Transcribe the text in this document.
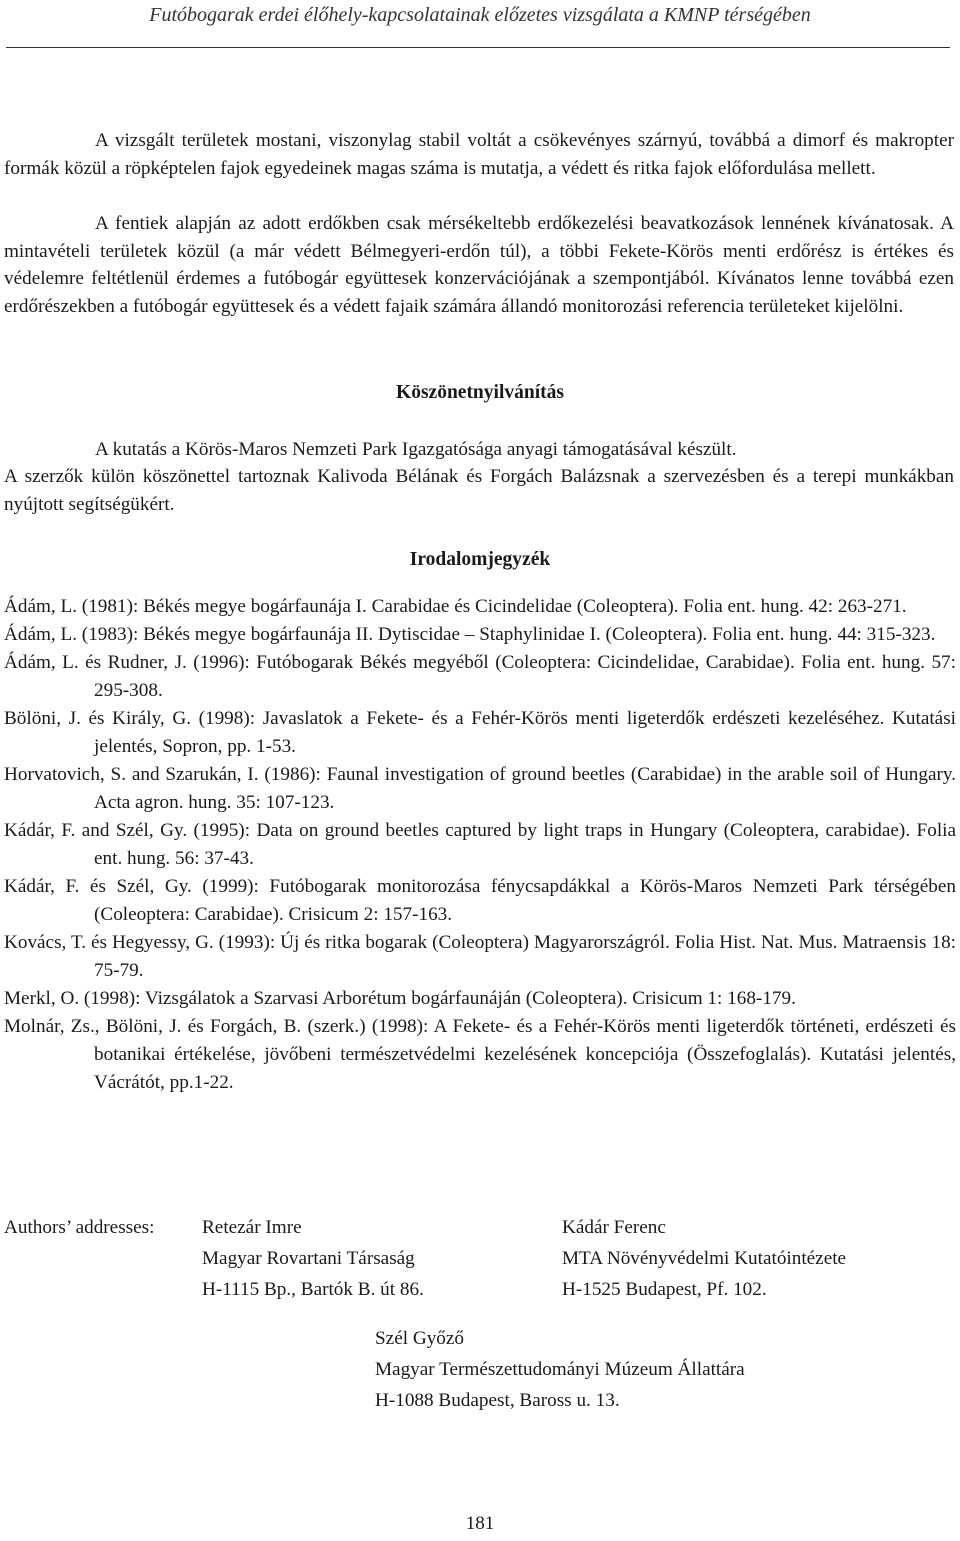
Futóbogarak erdei élőhely-kapcsolatainak előzetes vizsgálata a KMNP térségében

A vizsgált területek mostani, viszonylag stabil voltát a csökevényes szárnyú, továbbá a dimorf és makropter formák közül a röpképtelen fajok egyedeinek magas száma is mutatja, a védett és ritka fajok előfordulása mellett.

A fentiek alapján az adott erdőkben csak mérsékeltebb erdőkezelési beavatkozások lennének kívánatosak. A mintavételi területek közül (a már védett Bélmegyeri-erdőn túl), a többi Fekete-Körös menti erdőrész is értékes és védelemre feltétlenül érdemes a futóbogár együttesek konzervációjának a szempontjából. Kívánatos lenne továbbá ezen erdőrészekben a futóbogár együttesek és a védett fajaik számára állandó monitorozási referencia területeket kijelölni.

Köszönetnyilvánítás

A kutatás a Körös-Maros Nemzeti Park Igazgatósága anyagi támogatásával készült.

A szerzők külön köszönettel tartoznak Kalivoda Bélának és Forgách Balázsnak a szervezésben és a terepi munkákban nyújtott segítségükért.

Irodalomjegyzék
Ádám, L. (1981): Békés megye bogárfaunája I. Carabidae és Cicindelidae (Coleoptera). Folia ent. hung. 42: 263-271.
Ádám, L. (1983): Békés megye bogárfaunája II. Dytiscidae – Staphylinidae I. (Coleoptera). Folia ent. hung. 44: 315-323.
Ádám, L. és Rudner, J. (1996): Futóbogarak Békés megyéből (Coleoptera: Cicindelidae, Carabidae). Folia ent. hung. 57: 295-308.
Bölöni, J. és Király, G. (1998): Javaslatok a Fekete- és a Fehér-Körös menti ligeterdők erdészeti kezeléséhez. Kutatási jelentés, Sopron, pp. 1-53.
Horvatovich, S. and Szarukán, I. (1986): Faunal investigation of ground beetles (Carabidae) in the arable soil of Hungary. Acta agron. hung. 35: 107-123.
Kádár, F. and Szél, Gy. (1995): Data on ground beetles captured by light traps in Hungary (Coleoptera, carabidae). Folia ent. hung. 56: 37-43.
Kádár, F. és Szél, Gy. (1999): Futóbogarak monitorozása fénycsapdákkal a Körös-Maros Nemzeti Park térségében (Coleoptera: Carabidae). Crisicum 2: 157-163.
Kovács, T. és Hegyessy, G. (1993): Új és ritka bogarak (Coleoptera) Magyarországról. Folia Hist. Nat. Mus. Matraensis 18: 75-79.
Merkl, O. (1998): Vizsgálatok a Szarvasi Arborétum bogárfaunáján (Coleoptera). Crisicum 1: 168-179.
Molnár, Zs., Bölöni, J. és Forgách, B. (szerk.) (1998): A Fekete- és a Fehér-Körös menti ligeterdők történeti, erdészeti és botanikai értékelése, jövőbeni természetvédelmi kezelésének koncepciója (Összefoglalás). Kutatási jelentés, Vácrátót, pp.1-22.
Authors’ addresses: Retezár Imre
Magyar Rovartani Társaság
H-1115 Bp., Bartók B. út 86.
Kádár Ferenc
MTA Növényvédelmi Kutatóintézete
H-1525 Budapest, Pf. 102.
Szél Győző
Magyar Természettudományi Múzeum Állattára
H-1088 Budapest, Baross u. 13.
181
